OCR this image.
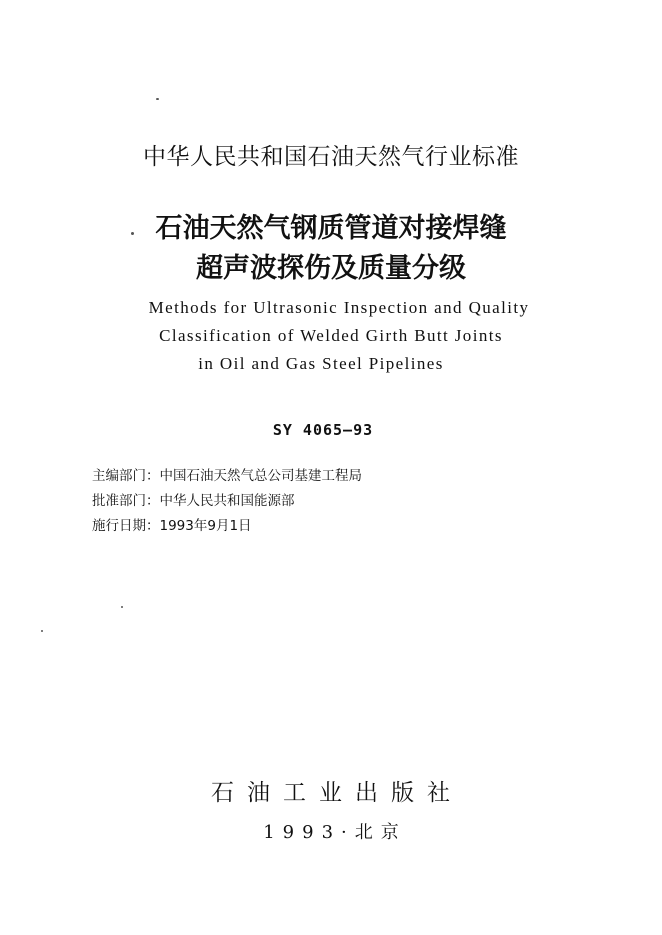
中华人民共和国石油天然气行业标准
石油天然气钢质管道对接焊缝
超声波探伤及质量分级
Methods for Ultrasonic Inspection and Quality
Classification of Welded Girth Butt Joints
in Oil and Gas Steel Pipelines
SY 4065—93
主编部门：中国石油天然气总公司基建工程局
批准部门：中华人民共和国能源部
施行日期：1993年9月1日
石油工业出版社
1993·北京
